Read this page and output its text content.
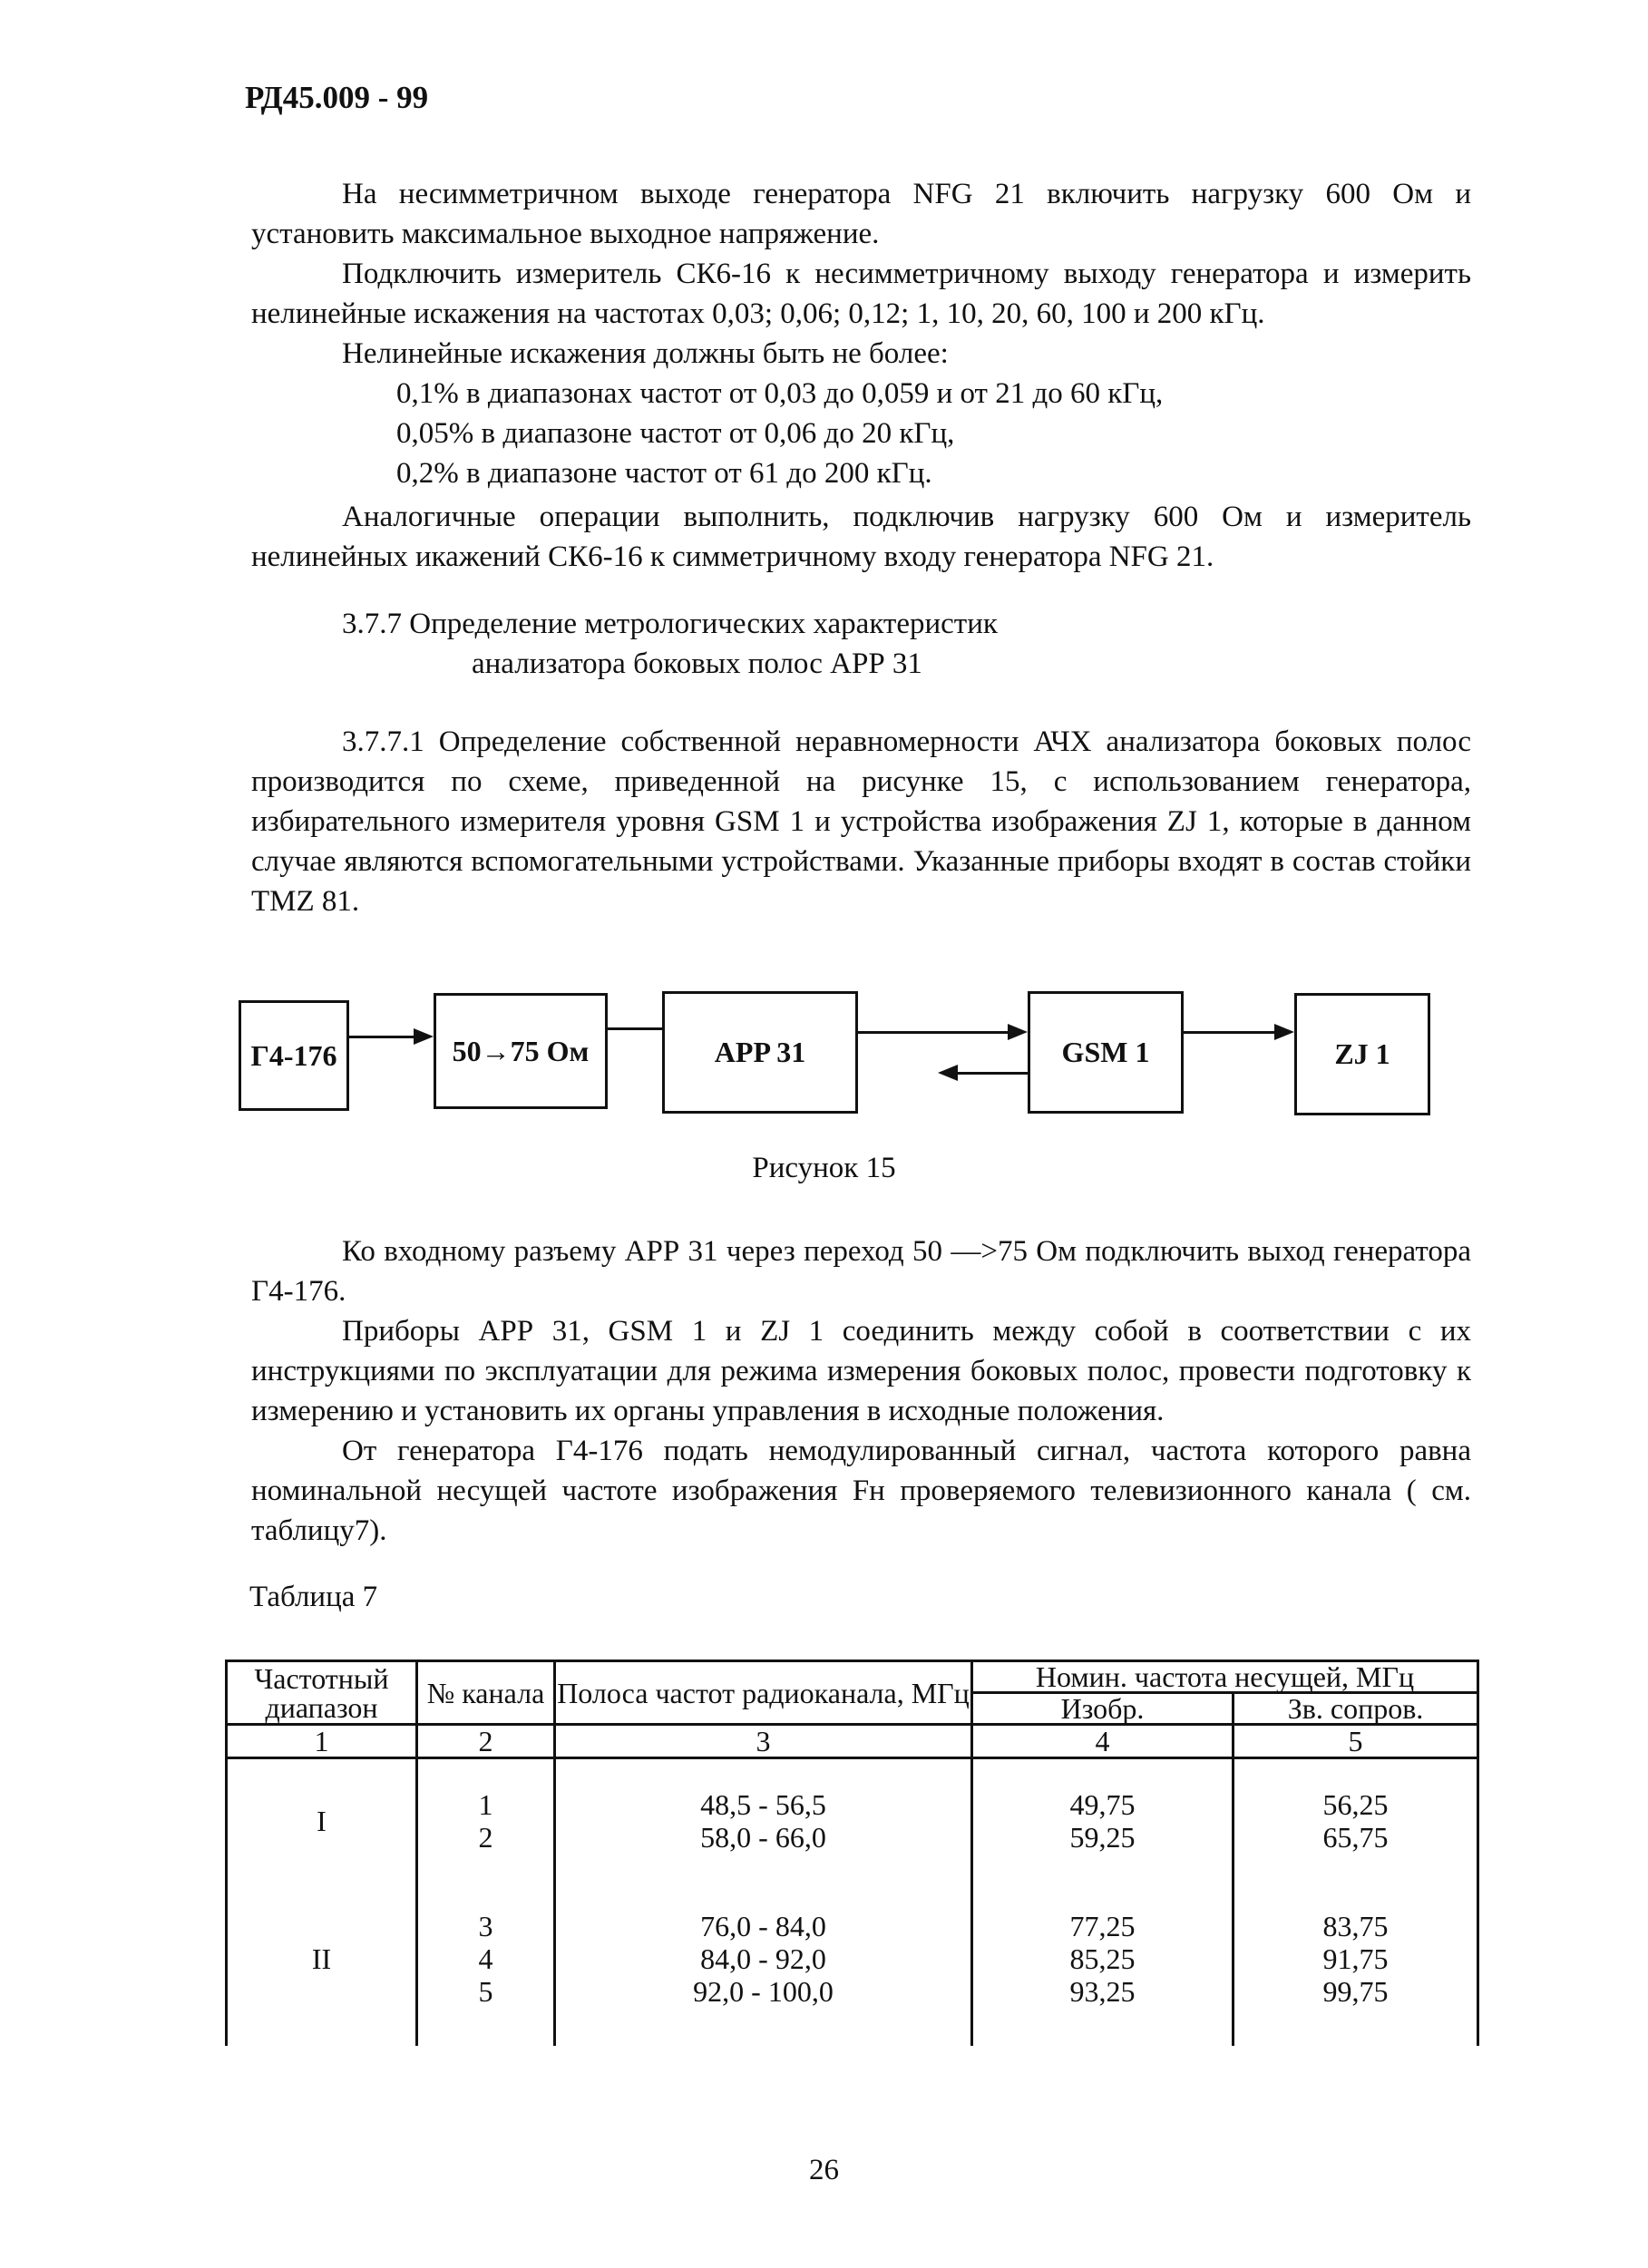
РД45.009 - 99

На несимметричном выходе генератора NFG 21 включить нагрузку 600 Ом и установить максимальное выходное напряжение.

Подключить измеритель СК6-16 к несимметричному выходу генератора и измерить нелинейные искажения на частотах 0,03; 0,06; 0,12; 1, 10, 20, 60, 100 и 200 кГц.

Нелинейные искажения должны быть не более:

0,1% в диапазонах частот от 0,03 до 0,059 и от 21 до 60 кГц,

0,05% в диапазоне частот от 0,06 до 20 кГц,

0,2% в диапазоне частот от 61 до 200 кГц.

Аналогичные операции выполнить, подключив нагрузку 600 Ом и измеритель нелинейных икажений СК6-16 к симметричному входу генератора NFG 21.

3.7.7 Определение метрологических характеристик

анализатора боковых полос АРР 31

3.7.7.1 Определение собственной неравномерности АЧХ анализатора боковых полос производится по схеме, приведенной на рисунке 15, с использованием генератора, избирательного измерителя уровня GSM 1 и устройства изображения ZJ 1, которые в данном случае являются вспомогательными устройствами. Указанные приборы входят в состав стойки TMZ 81.

Г4-176	50→75 Ом	APP 31	GSM 1	ZJ 1
Рисунок 15

Ко входному разъему АРР 31 через переход 50 —>75 Ом подключить выход генератора Г4-176.

Приборы АРР 31, GSM 1 и ZJ 1 соединить между собой в соответствии с их инструкциями по эксплуатации для режима измерения боковых полос, провести подготовку к измерению и установить их органы управления в исходные положения.

От генератора Г4-176 подать немодулированный сигнал, частота которого равна номинальной несущей частоте изображения Fн проверяемого телевизионного канала ( см. таблицу7).

Таблица 7
Частотный диапазон	№ канала	Полоса частот радиоканала, МГц	Номин. частота несущей, МГц	
			Изобр.	Зв. сопров.
1	2	3	4	5

I	1	48,5 - 56,5	49,75	56,25
	2	58,0 - 66,0	59,25	65,75

II	3	76,0 - 84,0	77,25	83,75
	4	84,0 - 92,0	85,25	91,75
	5	92,0 - 100,0	93,25	99,75

26
